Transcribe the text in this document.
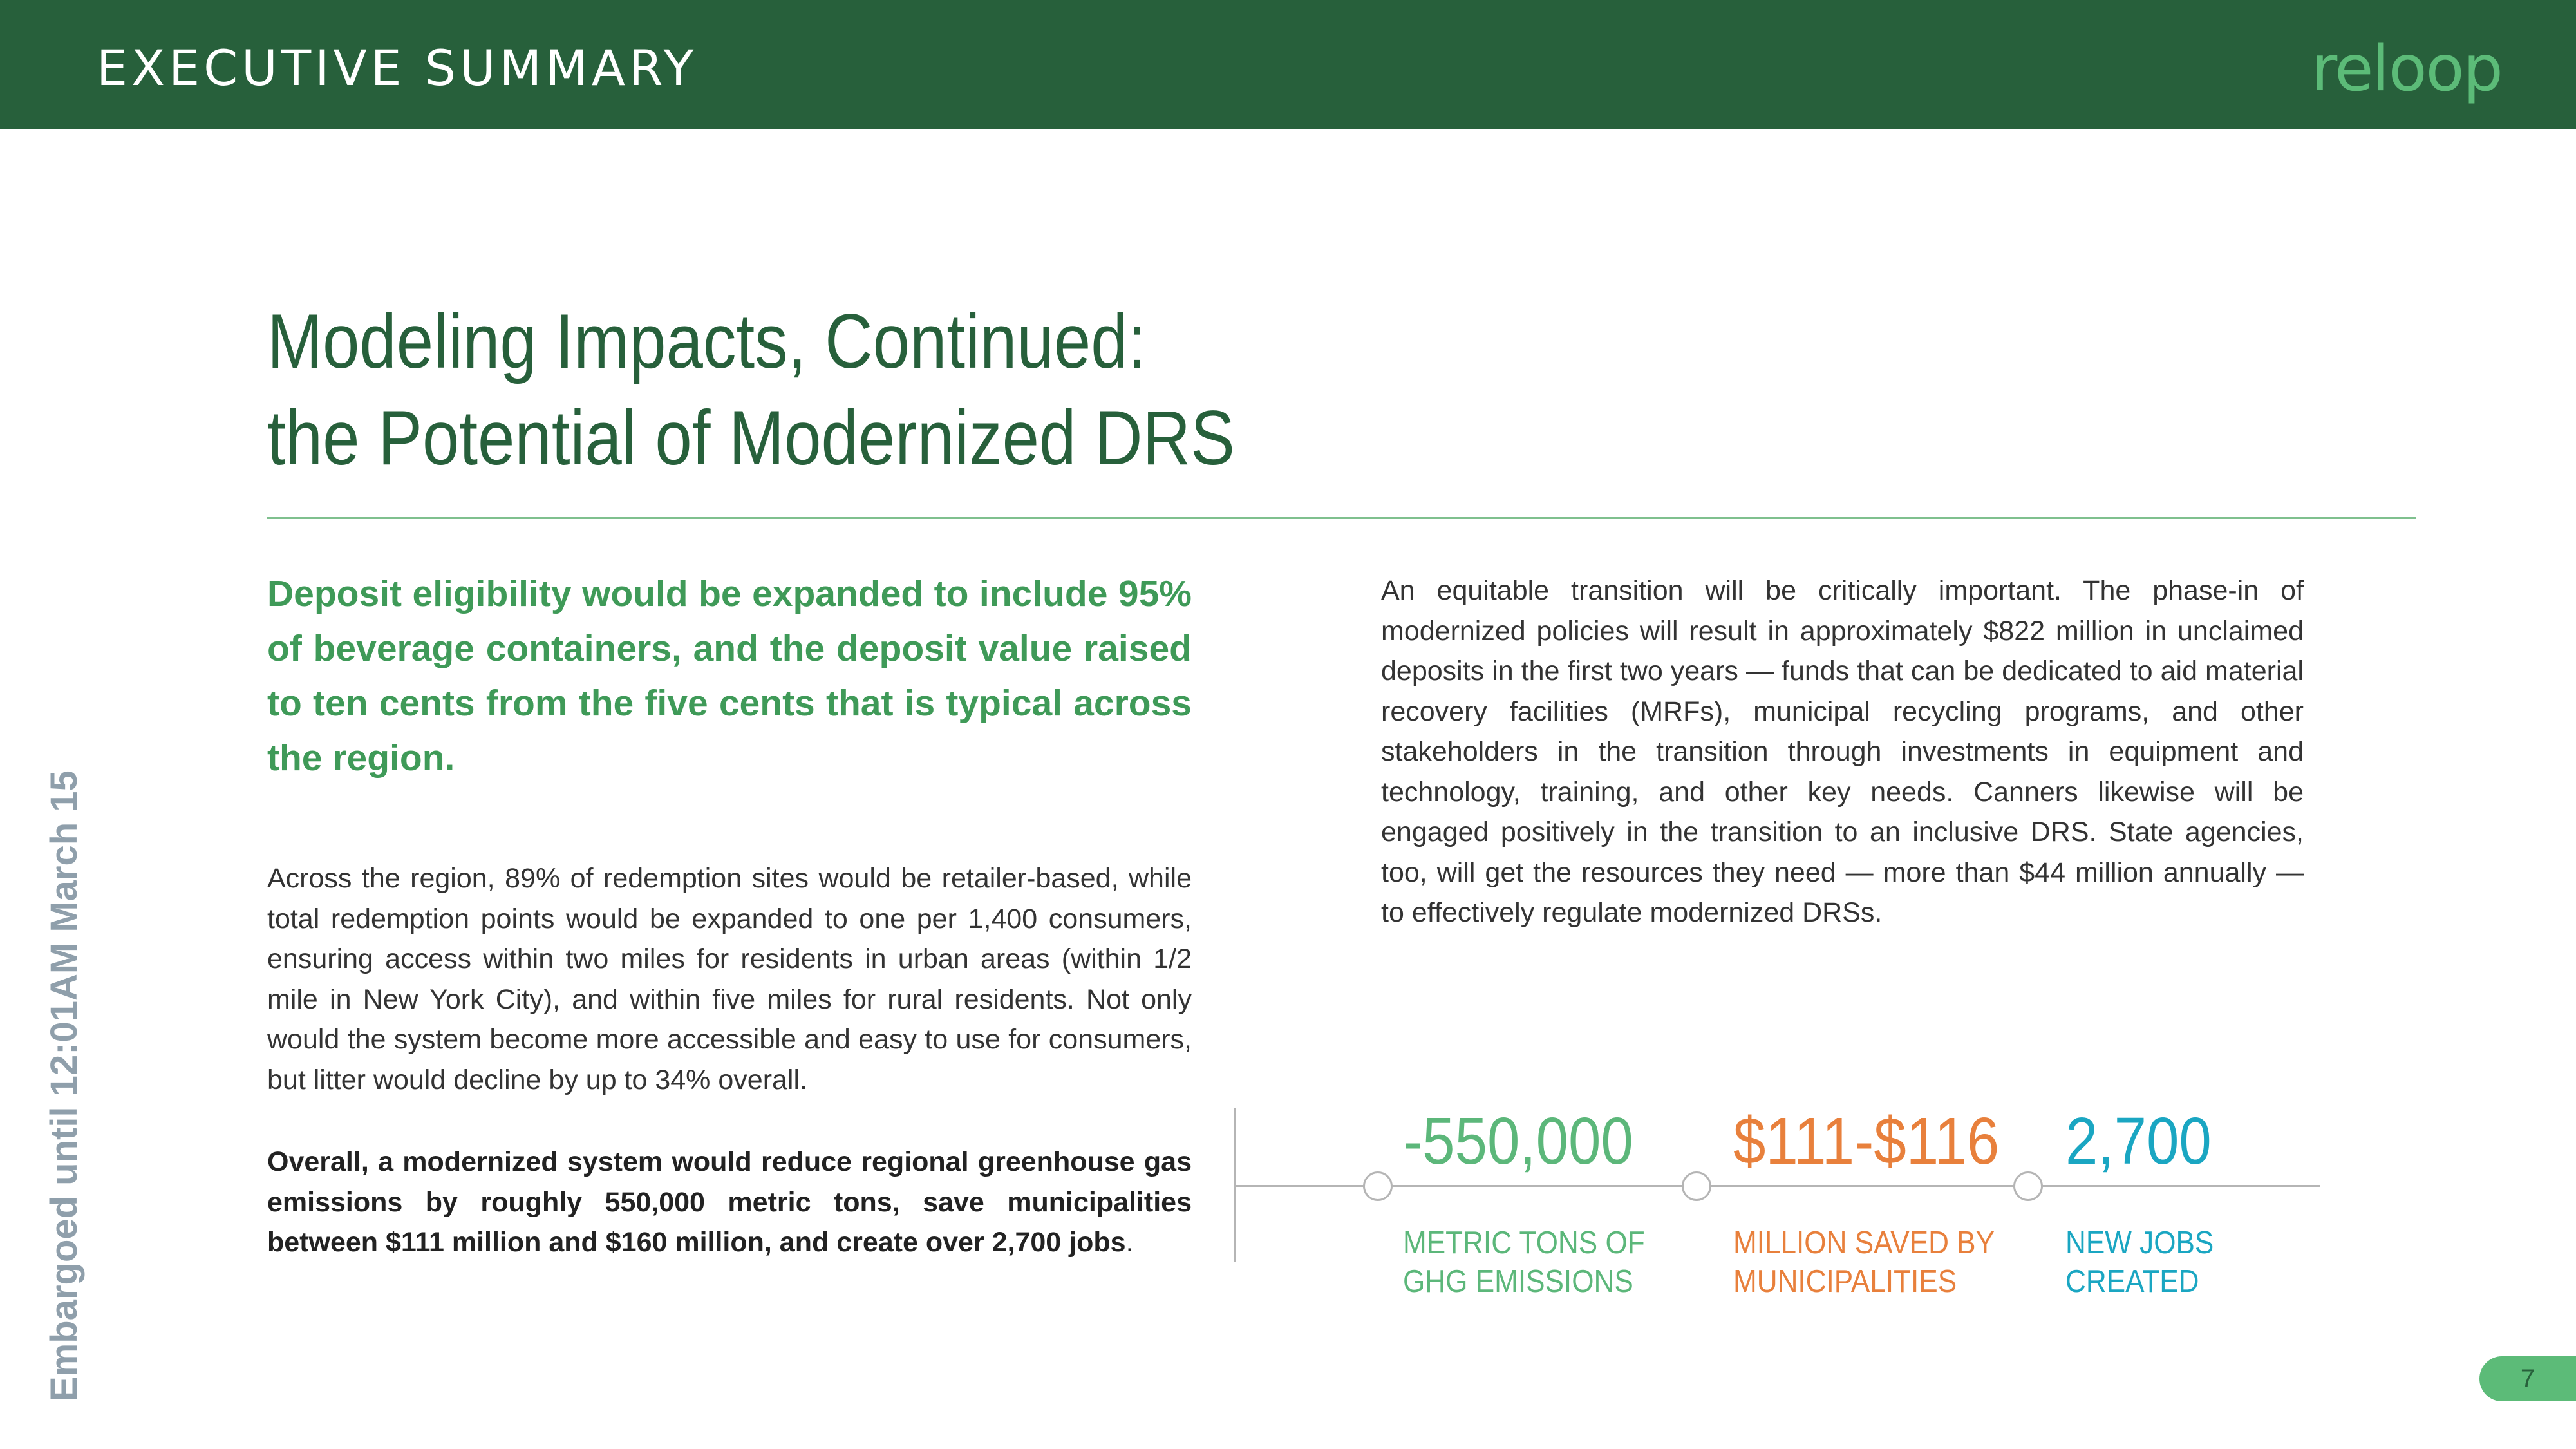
EXECUTIVE SUMMARY	reloop
Modeling Impacts, Continued:
the Potential of Modernized DRS

Deposit eligibility would be expanded to include 95% of beverage containers, and the deposit value raised to ten cents from the five cents that is typical across the region.

Across the region, 89% of redemption sites would be retailer-based, while total redemption points would be expanded to one per 1,400 consumers, ensuring access within two miles for residents in urban areas (within 1/2 mile in New York City), and within five miles for rural residents. Not only would the system become more accessible and easy to use for consumers, but litter would decline by up to 34% overall.

Overall, a modernized system would reduce regional greenhouse gas emissions by roughly 550,000 metric tons, save municipalities between $111 million and $160 million, and create over 2,700 jobs.

An equitable transition will be critically important. The phase-in of modernized policies will result in approximately $822 million in unclaimed deposits in the first two years — funds that can be dedicated to aid material recovery facilities (MRFs), municipal recycling programs, and other stakeholders in the transition through investments in equipment and technology, training, and other key needs. Canners likewise will be engaged positively in the transition to an inclusive DRS. State agencies, too, will get the resources they need — more than $44 million annually — to effectively regulate modernized DRSs.

-550,000
METRIC TONS OF
GHG EMISSIONS
$111-$116
MILLION SAVED BY
MUNICIPALITIES
2,700
NEW JOBS
CREATED
Embargoed until 12:01AM March 15	7
